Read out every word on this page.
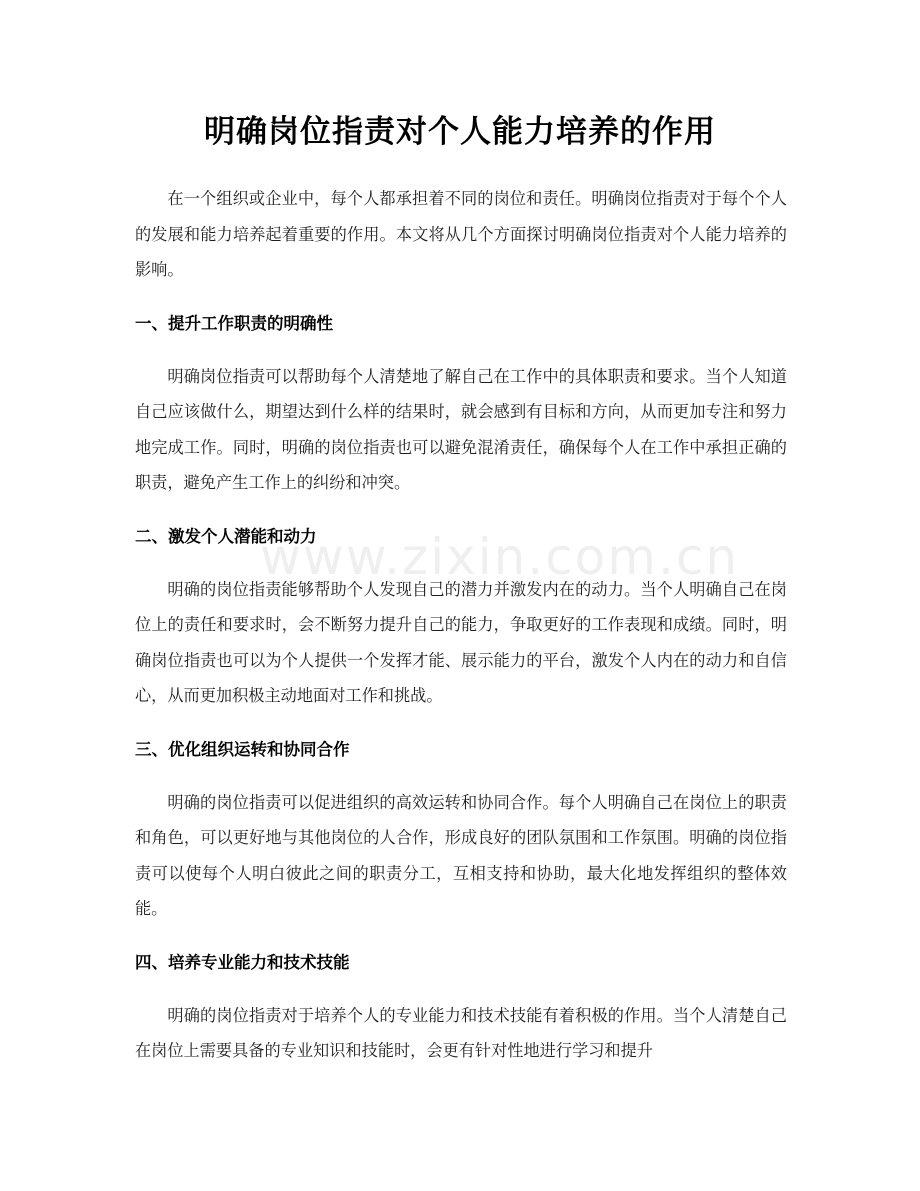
明确岗位指责对个人能力培养的作用

在一个组织或企业中，每个人都承担着不同的岗位和责任。明确岗位指责对于每个个人的发展和能力培养起着重要的作用。本文将从几个方面探讨明确岗位指责对个人能力培养的影响。

一、提升工作职责的明确性

明确岗位指责可以帮助每个人清楚地了解自己在工作中的具体职责和要求。当个人知道自己应该做什么，期望达到什么样的结果时，就会感到有目标和方向，从而更加专注和努力地完成工作。同时，明确的岗位指责也可以避免混淆责任，确保每个人在工作中承担正确的职责，避免产生工作上的纠纷和冲突。

二、激发个人潜能和动力

明确的岗位指责能够帮助个人发现自己的潜力并激发内在的动力。当个人明确自己在岗位上的责任和要求时，会不断努力提升自己的能力，争取更好的工作表现和成绩。同时，明确岗位指责也可以为个人提供一个发挥才能、展示能力的平台，激发个人内在的动力和自信心，从而更加积极主动地面对工作和挑战。

三、优化组织运转和协同合作

明确的岗位指责可以促进组织的高效运转和协同合作。每个人明确自己在岗位上的职责和角色，可以更好地与其他岗位的人合作，形成良好的团队氛围和工作氛围。明确的岗位指责可以使每个人明白彼此之间的职责分工，互相支持和协助，最大化地发挥组织的整体效能。

四、培养专业能力和技术技能

明确的岗位指责对于培养个人的专业能力和技术技能有着积极的作用。当个人清楚自己在岗位上需要具备的专业知识和技能时，会更有针对性地进行学习和提升

www.zixin.com.cn
